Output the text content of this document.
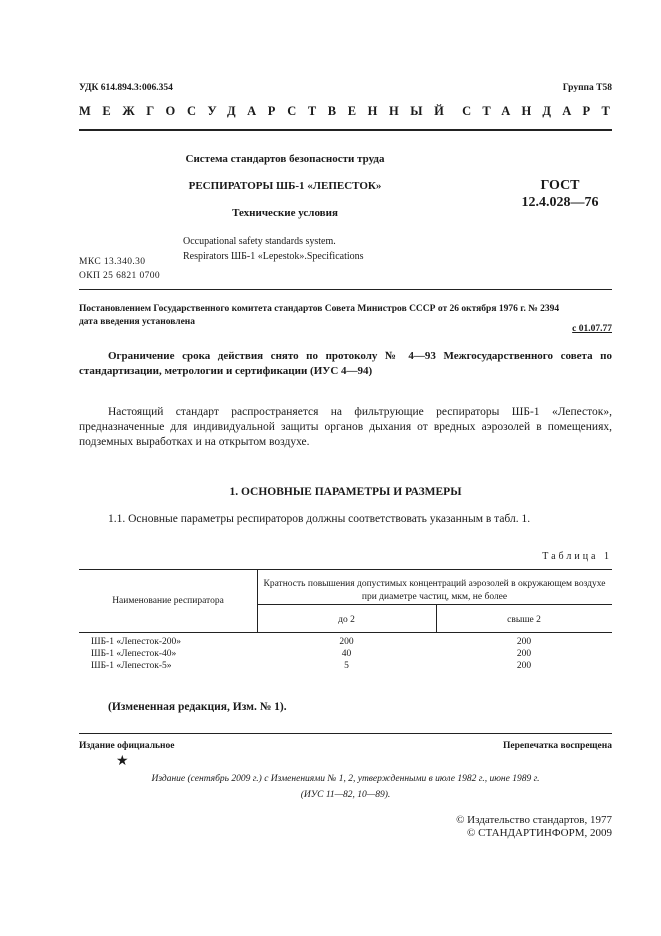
УДК 614.894.3:006.354	Группа Т58
МЕЖГОСУДАРСТВЕННЫЙ СТАНДАРТ
Система стандартов безопасности труда
РЕСПИРАТОРЫ ШБ-1 «ЛЕПЕСТОК»
Технические условия
Occupational safety standards system.
Respirators ШБ-1 «Lepestok».Specifications
ГОСТ
12.4.028—76
МКС 13.340.30
ОКП 25 6821 0700
Постановлением Государственного комитета стандартов Совета Министров СССР от 26 октября 1976 г. № 2394
дата введения установлена
с 01.07.77
Ограничение срока действия снято по протоколу № 4—93 Межгосударственного совета по стандартизации, метрологии и сертификации (ИУС 4—94)
Настоящий стандарт распространяется на фильтрующие респираторы ШБ-1 «Лепесток», предназначенные для индивидуальной защиты органов дыхания от вредных аэрозолей в помещениях, подземных выработках и на открытом воздухе.
1. ОСНОВНЫЕ ПАРАМЕТРЫ И РАЗМЕРЫ
1.1. Основные параметры респираторов должны соответствовать указанным в табл. 1.
Таблица 1
Наименование респиратора
Кратность повышения допустимых концентраций аэрозолей в окружающем воздухе при диаметре частиц, мкм, не более
до 2	свыше 2
ШБ-1 «Лепесток-200»	200	200
ШБ-1 «Лепесток-40»	40	200
ШБ-1 «Лепесток-5»	5	200
(Измененная редакция, Изм. № 1).
Издание официальное	Перепечатка воспрещена
★
Издание (сентябрь 2009 г.) с Изменениями № 1, 2, утвержденными в июле 1982 г., июне 1989 г.
(ИУС 11—82, 10—89).
© Издательство стандартов, 1977
© СТАНДАРТИНФОРМ, 2009
